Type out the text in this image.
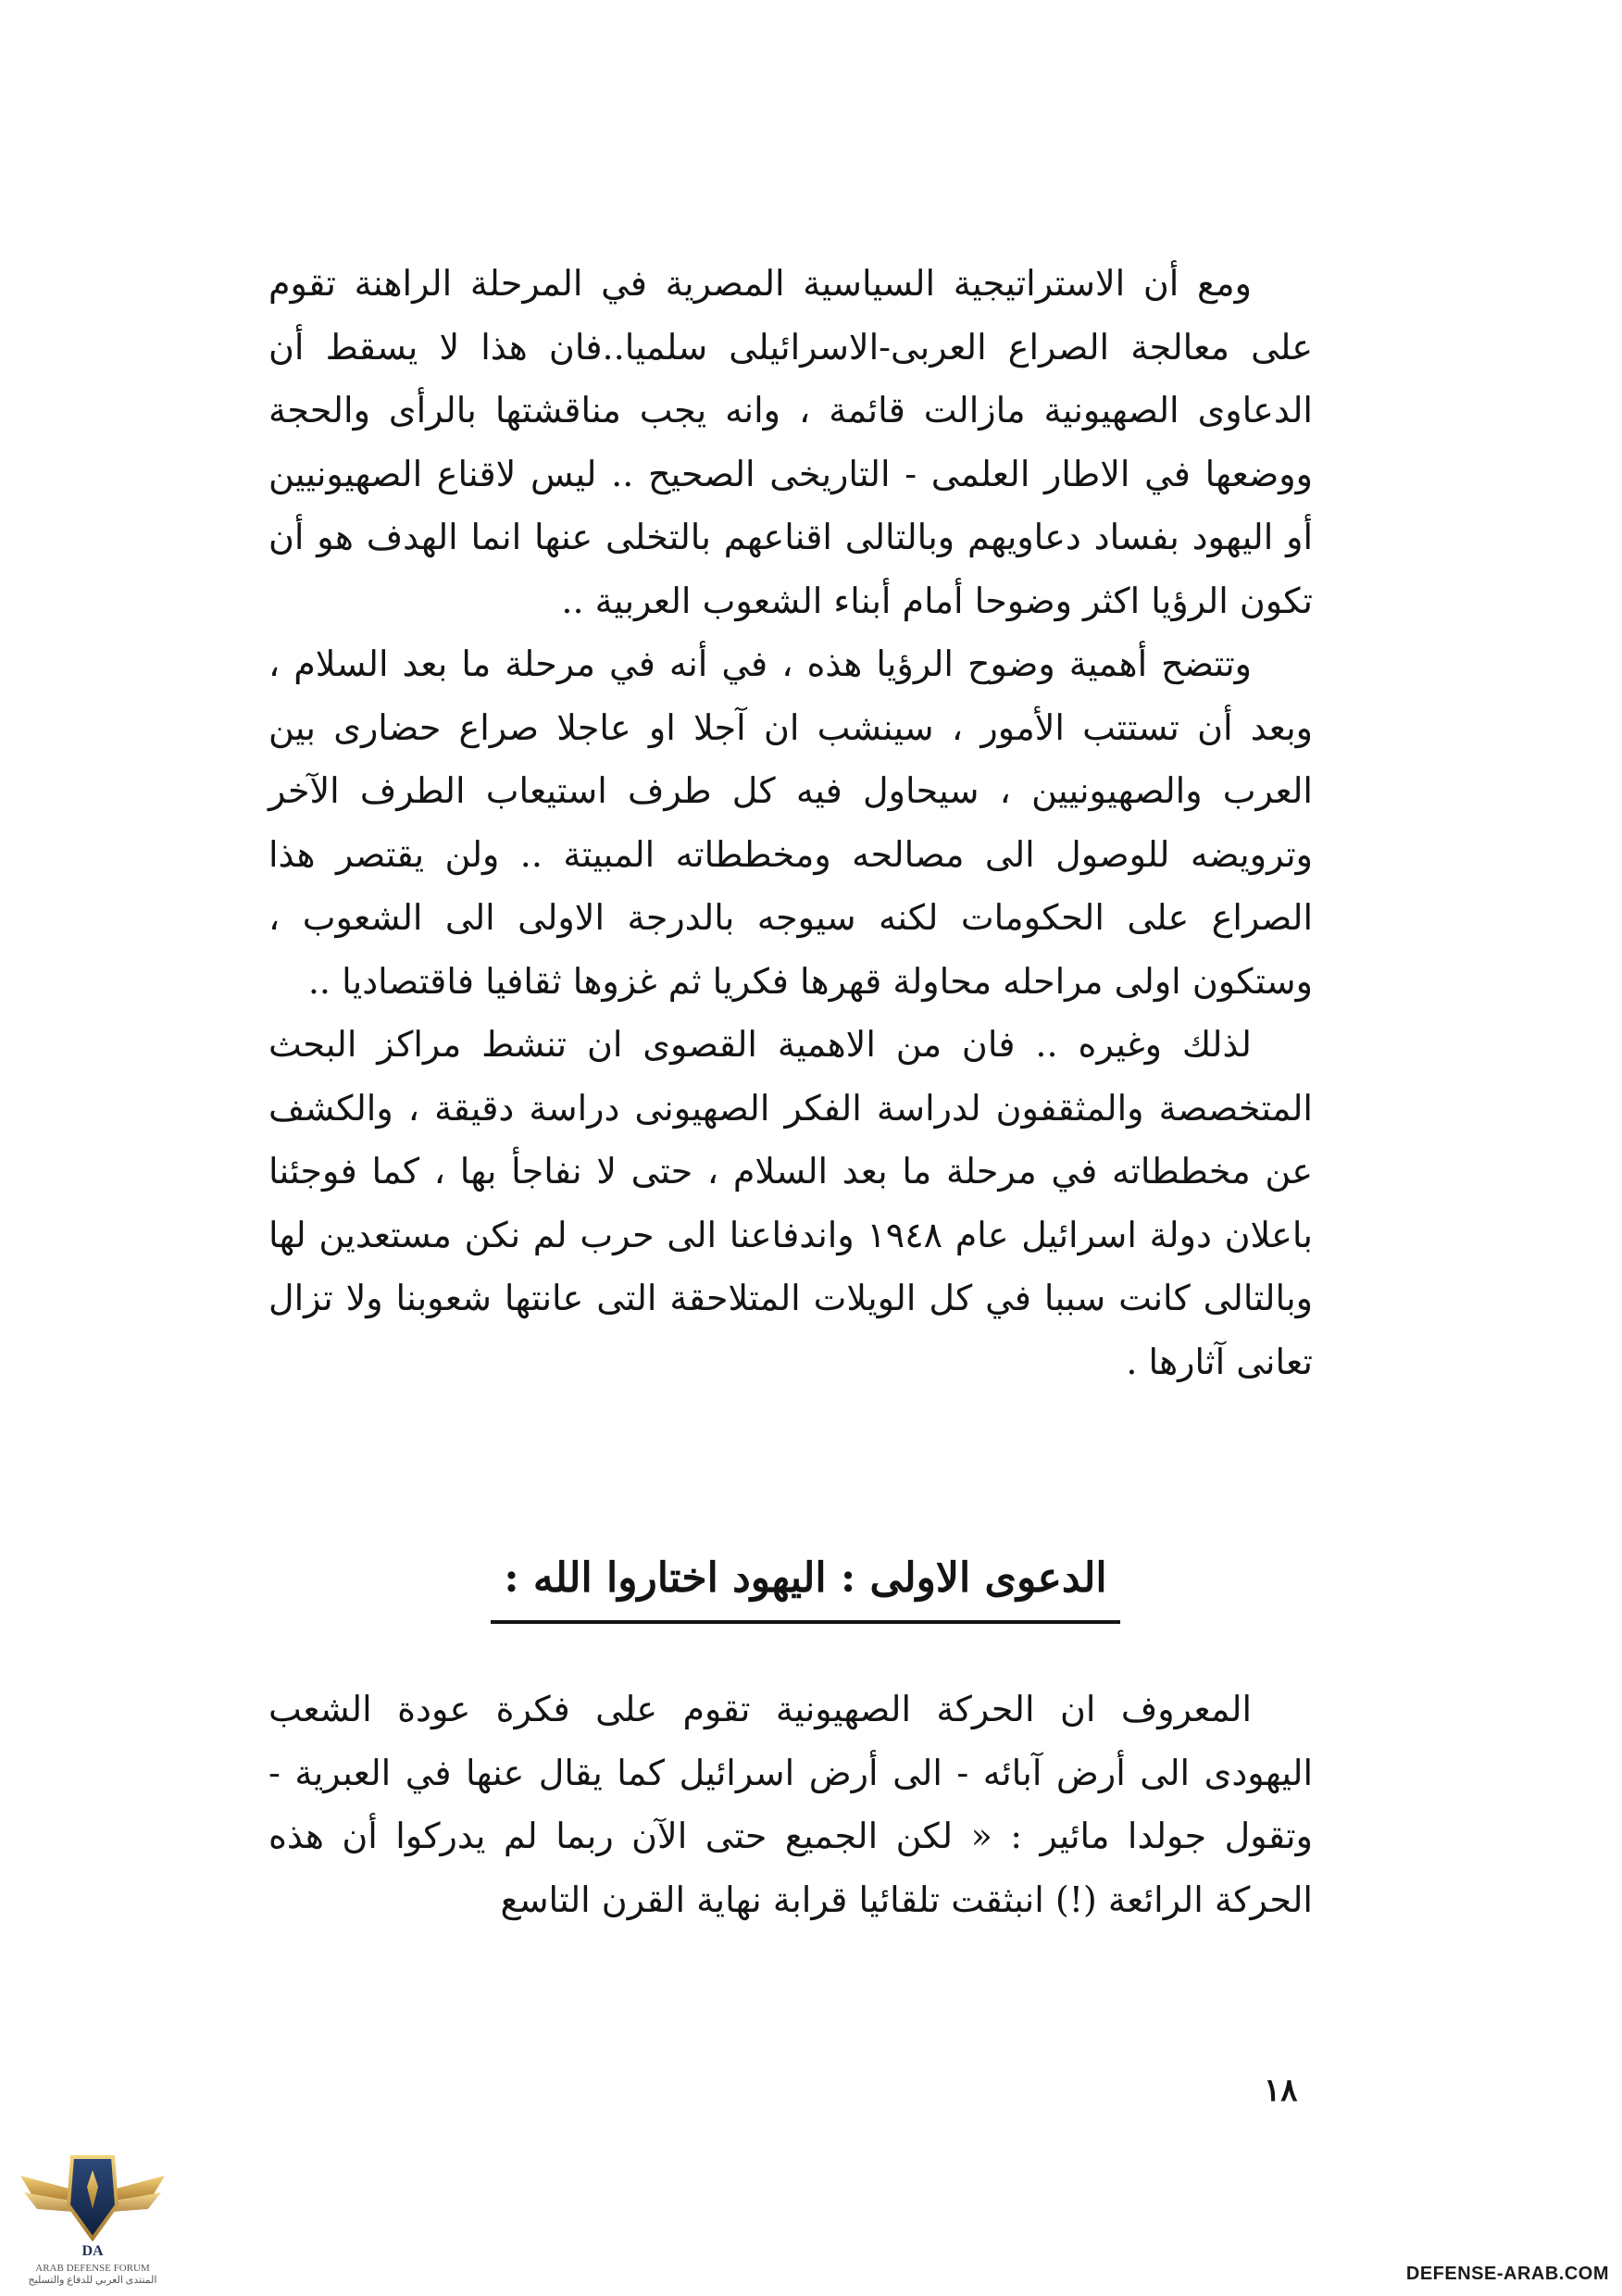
ومع أن الاستراتيجية السياسية المصرية في المرحلة الراهنة تقوم على معالجة الصراع العربى-الاسرائيلى سلميا..فان هذا لا يسقط أن الدعاوى الصهيونية مازالت قائمة ، وانه يجب مناقشتها بالرأى والحجة ووضعها في الاطار العلمى - التاريخى الصحيح .. ليس لاقناع الصهيونيين أو اليهود بفساد دعاويهم وبالتالى اقناعهم بالتخلى عنها انما الهدف هو أن تكون الرؤيا اكثر وضوحا أمام أبناء الشعوب العربية ..

وتتضح أهمية وضوح الرؤيا هذه ، في أنه في مرحلة ما بعد السلام ، وبعد أن تستتب الأمور ، سينشب ان آجلا او عاجلا صراع حضارى بين العرب والصهيونيين ، سيحاول فيه كل طرف استيعاب الطرف الآخر وترويضه للوصول الى مصالحه ومخططاته المبيتة .. ولن يقتصر هذا الصراع على الحكومات لكنه سيوجه بالدرجة الاولى الى الشعوب ، وستكون اولى مراحله محاولة قهرها فكريا ثم غزوها ثقافيا فاقتصاديا ..

لذلك وغيره .. فان من الاهمية القصوى ان تنشط مراكز البحث المتخصصة والمثقفون لدراسة الفكر الصهيونى دراسة دقيقة ، والكشف عن مخططاته في مرحلة ما بعد السلام ، حتى لا نفاجأ بها ، كما فوجئنا باعلان دولة اسرائيل عام ١٩٤٨ واندفاعنا الى حرب لم نكن مستعدين لها وبالتالى كانت سببا في كل الويلات المتلاحقة التى عانتها شعوبنا ولا تزال تعانى آثارها .

الدعوى الاولى : اليهود اختاروا الله :

المعروف ان الحركة الصهيونية تقوم على فكرة عودة الشعب اليهودى الى أرض آبائه - الى أرض اسرائيل كما يقال عنها في العبرية - وتقول جولدا مائير : « لكن الجميع حتى الآن ربما لم يدركوا أن هذه الحركة الرائعة (!) انبثقت تلقائيا قرابة نهاية القرن التاسع

١٨
DA
ARAB DEFENSE FORUM
المنتدى العربي للدفاع والتسليح	DEFENSE-ARAB.COM
